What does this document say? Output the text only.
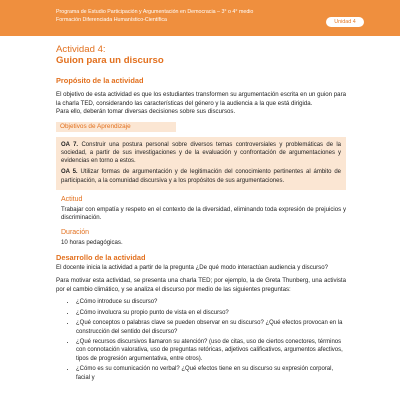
Programa de Estudio Participación y Argumentación en Democracia – 3° o 4° medio
Formación Diferenciada Humanístico-Científica	Unidad 4
Actividad 4:
Guion para un discurso
Propósito de la actividad

El objetivo de esta actividad es que los estudiantes transformen su argumentación escrita en un guion para la charla TED, considerando las características del género y la audiencia a la que está dirigida.

Para ello, deberán tomar diversas decisiones sobre sus discursos.

Objetivos de Aprendizaje

OA 7. Construir una postura personal sobre diversos temas controversiales y problemáticas de la sociedad, a partir de sus investigaciones y de la evaluación y confrontación de argumentaciones y evidencias en torno a estos.

OA 5. Utilizar formas de argumentación y de legitimación del conocimiento pertinentes al ámbito de participación, a la comunidad discursiva y a los propósitos de sus argumentaciones.

Actitud

Trabajar con empatía y respeto en el contexto de la diversidad, eliminando toda expresión de prejuicios y discriminación.

Duración

10 horas pedagógicas.

Desarrollo de la actividad

El docente inicia la actividad a partir de la pregunta ¿De qué modo interactúan audiencia y discurso?

Para motivar esta actividad, se presenta una charla TED; por ejemplo, la de Greta Thunberg, una activista por el cambio climático, y se analiza el discurso por medio de las siguientes preguntas:

• ¿Cómo introduce su discurso?
• ¿Cómo involucra su propio punto de vista en el discurso?
• ¿Qué conceptos o palabras clave se pueden observar en su discurso? ¿Qué efectos provocan en la construcción del sentido del discurso?
• ¿Qué recursos discursivos llamaron su atención? (uso de citas, uso de ciertos conectores, términos con connotación valorativa, uso de preguntas retóricas, adjetivos calificativos, argumentos afectivos, tipos de progresión argumentativa, entre otros).
• ¿Cómo es su comunicación no verbal? ¿Qué efectos tiene en su discurso su expresión corporal, facial y
